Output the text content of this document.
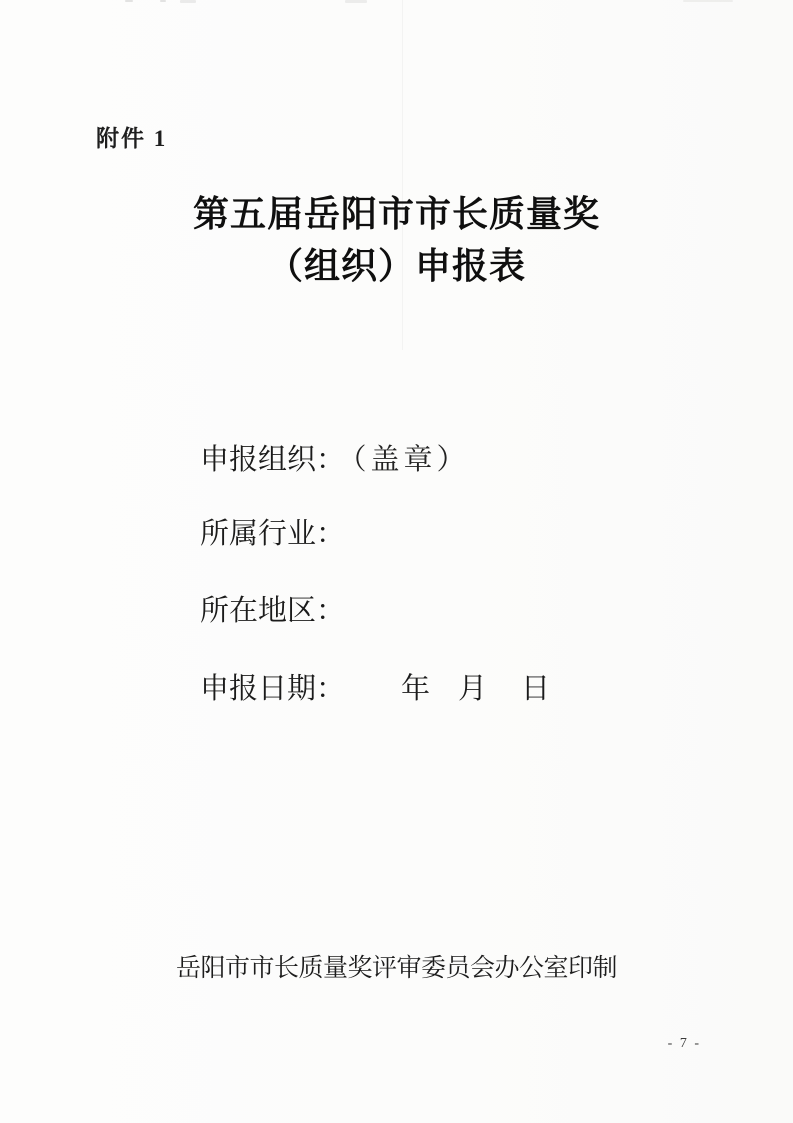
附件 1
第五届岳阳市市长质量奖
（组织）申报表
申报组织： （盖章）
所属行业：
所在地区：
申报日期： 年 月 日
岳阳市市长质量奖评审委员会办公室印制
- 7 -
